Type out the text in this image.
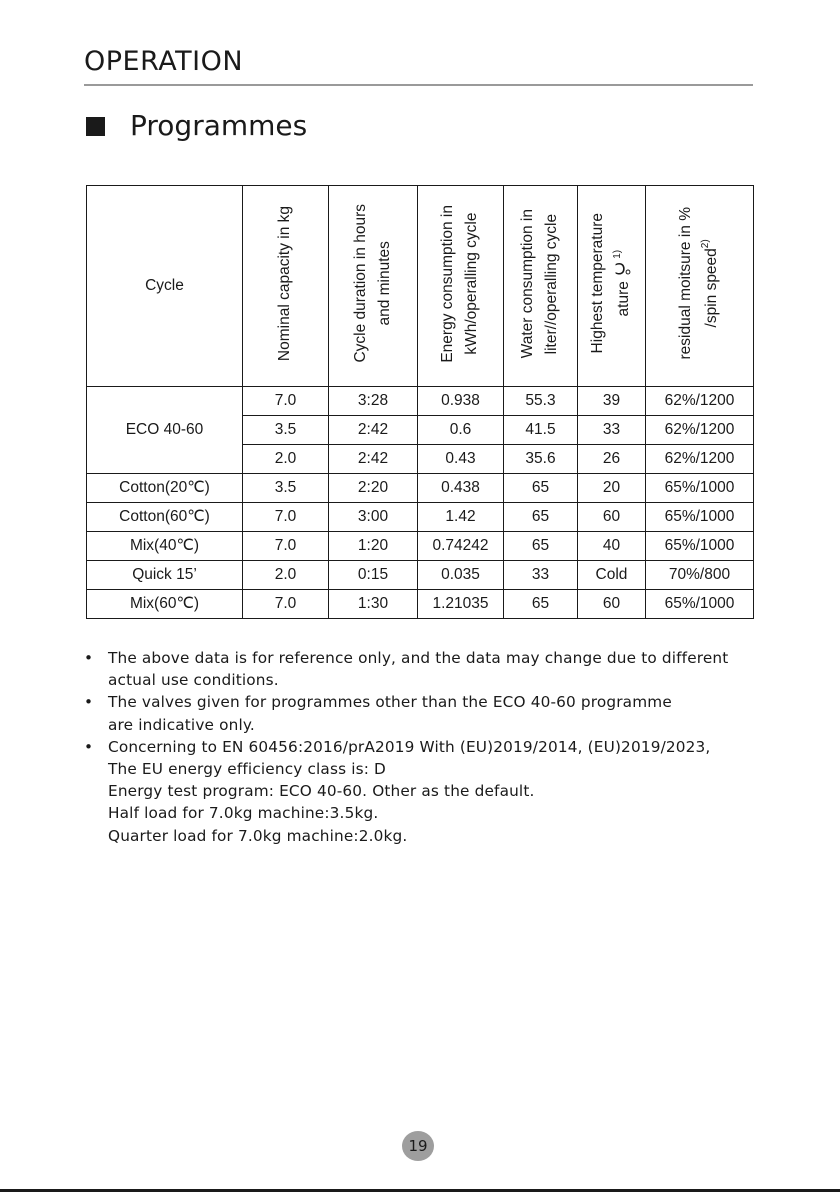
OPERATION
Programmes
Cycle	Nominal capacity in kg	Cycle duration in hours and minutes	Energy consumption in kWh/operalling cycle	Water consumption in liter//operalling cycle	Highest temperature ature ℃$^{1)}$	residual moitsure in % /spin speed$^{2)}$
ECO 40-60	7.0	3:28	0.938	55.3	39	62%/1200
	3.5	2:42	0.6	41.5	33	62%/1200
	2.0	2:42	0.43	35.6	26	62%/1200
Cotton(20℃)	3.5	2:20	0.438	65	20	65%/1000
Cotton(60℃)	7.0	3:00	1.42	65	60	65%/1000
Mix(40℃)	7.0	1:20	0.74242	65	40	65%/1000
Quick 15’	2.0	0:15	0.035	33	Cold	70%/800
Mix(60℃)	7.0	1:30	1.21035	65	60	65%/1000
• The above data is for reference only, and the data may change due to different
actual use conditions.
• The valves given for programmes other than the ECO 40-60 programme
are indicative only.
• Concerning to EN 60456:2016/prA2019 With (EU)2019/2014, (EU)2019/2023,
The EU energy efficiency class is: D
Energy test program: ECO 40-60. Other as the default.
Half load for 7.0kg machine:3.5kg.
Quarter load for 7.0kg machine:2.0kg.
19
